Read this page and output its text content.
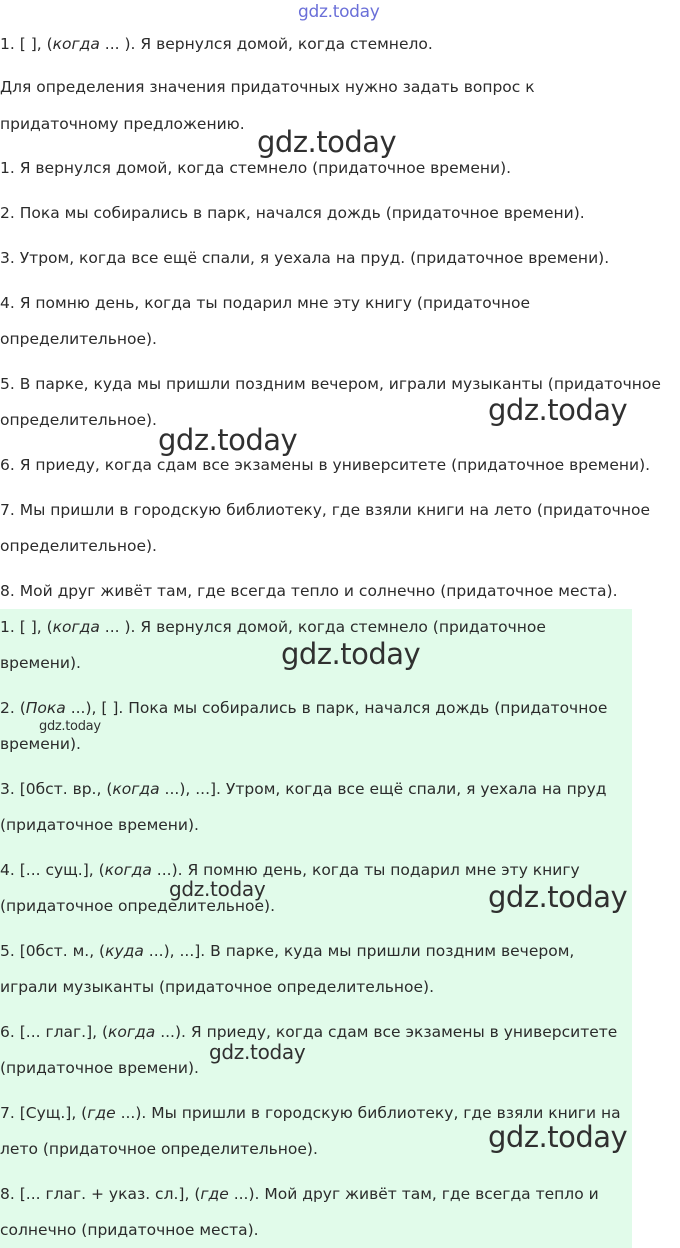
1. [ ], (когда ... ). Я вернулся домой, когда стемнело.

Для определения значения придаточных нужно задать вопрос к

придаточному предложению.

1. Я вернулся домой, когда стемнело (придаточное времени).

2. Пока мы собирались в парк, начался дождь (придаточное времени).

3. Утром, когда все ещё спали, я уехала на пруд. (придаточное времени).

4. Я помню день, когда ты подарил мне эту книгу (придаточное

определительное).

5. В парке, куда мы пришли поздним вечером, играли музыканты (придаточное

определительное).

6. Я приеду, когда сдам все экзамены в университете (придаточное времени).

7. Мы пришли в городскую библиотеку, где взяли книги на лето (придаточное

определительное).

8. Мой друг живёт там, где всегда тепло и солнечно (придаточное места).

1. [ ], (когда ... ). Я вернулся домой, когда стемнело (придаточное

времени).

2. (Пока ...), [ ]. Пока мы собирались в парк, начался дождь (придаточное

времени).

3. [0бст. вр., (когда ...), ...]. Утром, когда все ещё спали, я уехала на пруд

(придаточное времени).

4. [... сущ.], (когда ...). Я помню день, когда ты подарил мне эту книгу

(придаточное определительное).

5. [0бст. м., (куда ...), ...]. В парке, куда мы пришли поздним вечером,

играли музыканты (придаточное определительное).

6. [... глаг.], (когда ...). Я приеду, когда сдам все экзамены в университете

(придаточное времени).

7. [Сущ.], (где ...). Мы пришли в городскую библиотеку, где взяли книги на

лето (придаточное определительное).

8. [... глаг. + указ. сл.], (где ...). Мой друг живёт там, где всегда тепло и

солнечно (придаточное места).

gdz.today
gdz.today
gdz.today
gdz.today
gdz.today
gdz.today
gdz.today	gdz.today
gdz.today
gdz.today
